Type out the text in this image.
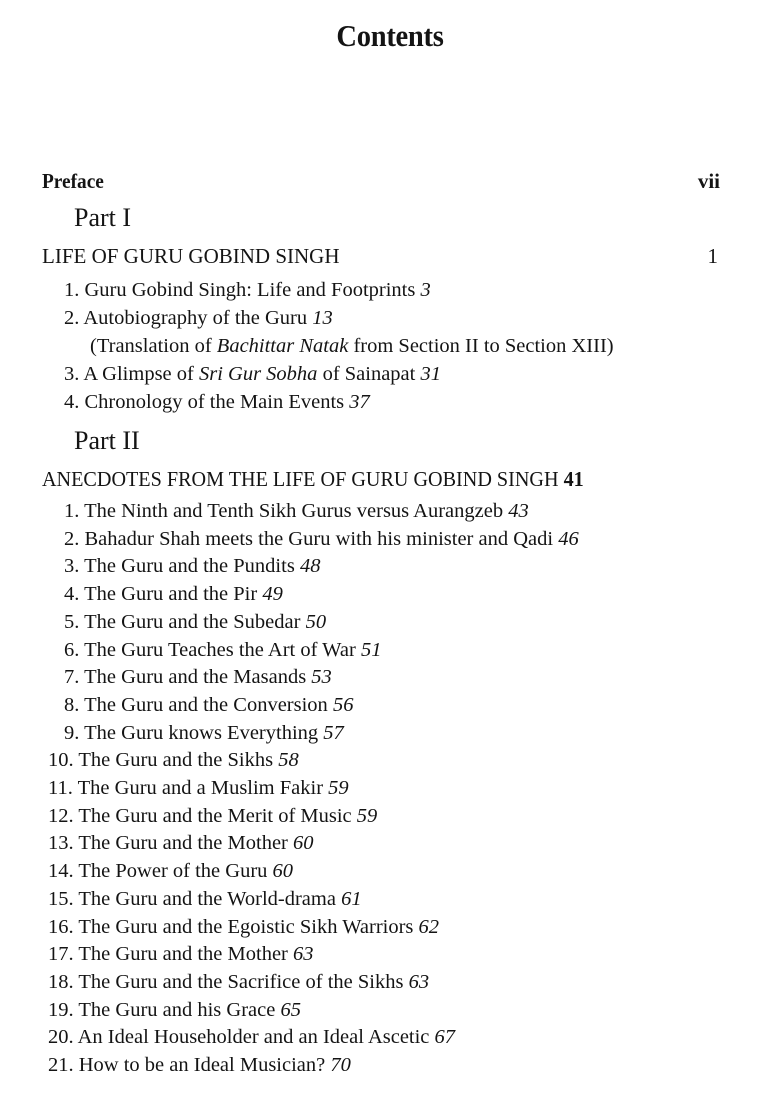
Contents
Preface	vii
Part I
LIFE OF GURU GOBIND SINGH	1
1. Guru Gobind Singh: Life and Footprints 3
2. Autobiography of the Guru 13
(Translation of Bachittar Natak from Section II to Section XIII)
3. A Glimpse of Sri Gur Sobha of Sainapat 31
4. Chronology of the Main Events 37
Part II
ANECDOTES FROM THE LIFE OF GURU GOBIND SINGH 41
1. The Ninth and Tenth Sikh Gurus versus Aurangzeb 43
2. Bahadur Shah meets the Guru with his minister and Qadi 46
3. The Guru and the Pundits 48
4. The Guru and the Pir 49
5. The Guru and the Subedar 50
6. The Guru Teaches the Art of War 51
7. The Guru and the Masands 53
8. The Guru and the Conversion 56
9. The Guru knows Everything 57
10. The Guru and the Sikhs 58
11. The Guru and a Muslim Fakir 59
12. The Guru and the Merit of Music 59
13. The Guru and the Mother 60
14. The Power of the Guru 60
15. The Guru and the World-drama 61
16. The Guru and the Egoistic Sikh Warriors 62
17. The Guru and the Mother 63
18. The Guru and the Sacrifice of the Sikhs 63
19. The Guru and his Grace 65
20. An Ideal Householder and an Ideal Ascetic 67
21. How to be an Ideal Musician? 70
